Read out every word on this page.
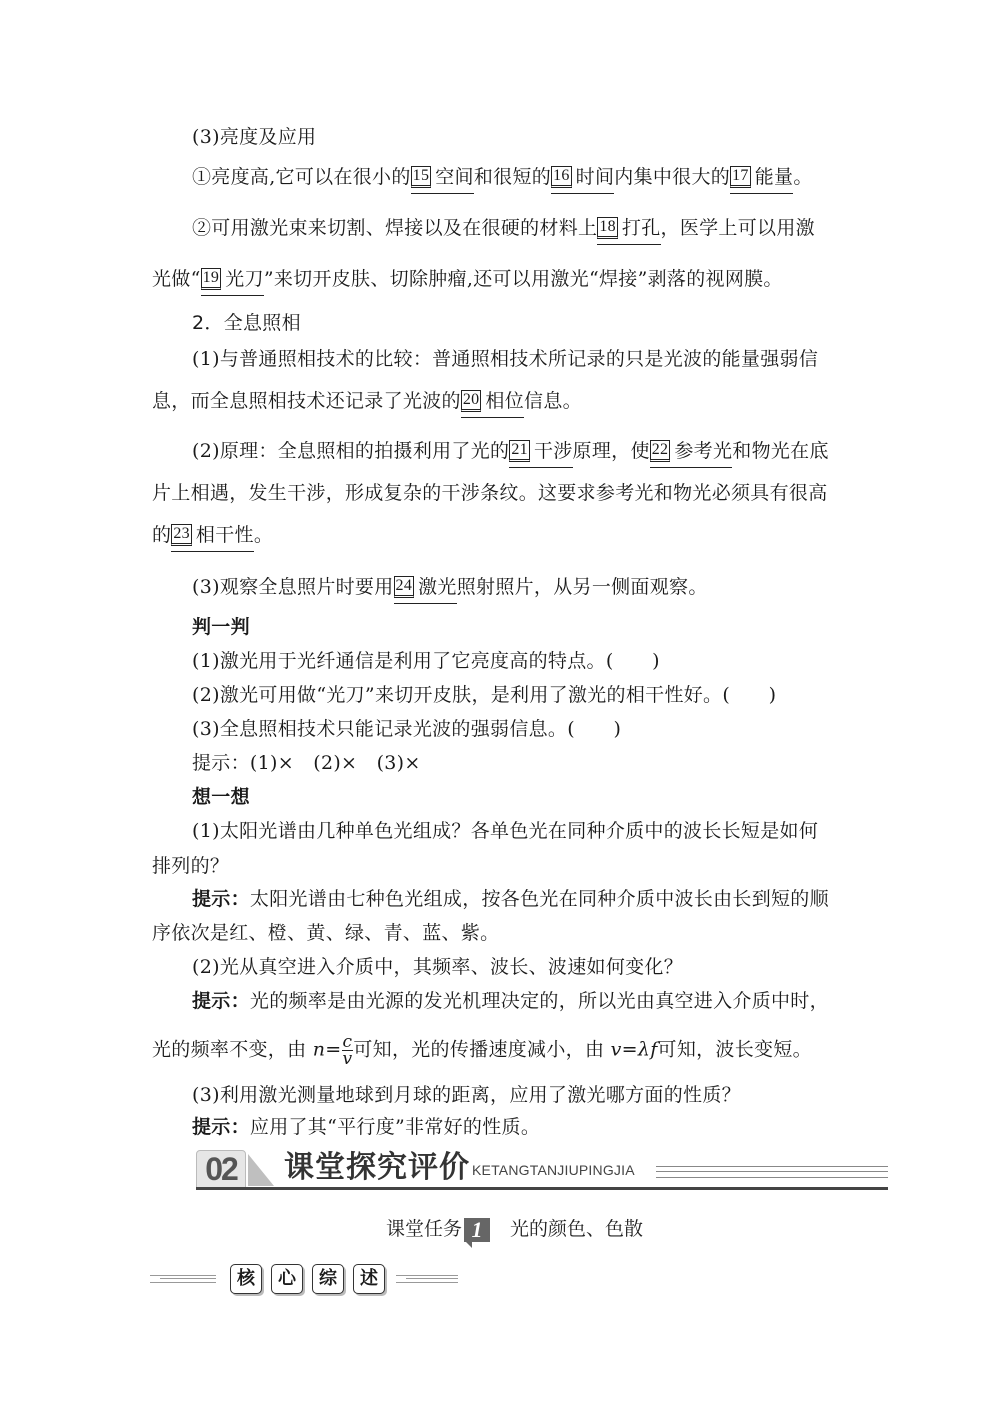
(3)亮度及应用
①亮度高,它可以在很小的 15 空间和很短的 16 时间内集中很大的 17 能量。
②可用激光束来切割、焊接以及在很硬的材料上 18 打孔，医学上可以用激
光做“ 19 光刀”来切开皮肤、切除肿瘤,还可以用激光“焊接”剥落的视网膜。
2．全息照相
(1)与普通照相技术的比较：普通照相技术所记录的只是光波的能量强弱信
息，而全息照相技术还记录了光波的 20 相位信息。
(2)原理：全息照相的拍摄利用了光的 21 干涉原理，使 22 参考光和物光在底
片上相遇，发生干涉，形成复杂的干涉条纹。这要求参考光和物光必须具有很高
的 23 相干性。
(3)观察全息照片时要用 24 激光照射照片，从另一侧面观察。
判一判
(1)激光用于光纤通信是利用了它亮度高的特点。(　　)
(2)激光可用做“光刀”来切开皮肤，是利用了激光的相干性好。(　　)
(3)全息照相技术只能记录光波的强弱信息。(　　)
提示：(1)×　(2)×　(3)×
想一想
(1)太阳光谱由几种单色光组成？各单色光在同种介质中的波长长短是如何
排列的？
提示：太阳光谱由七种色光组成，按各色光在同种介质中波长由长到短的顺
序依次是红、橙、黄、绿、青、蓝、紫。
(2)光从真空进入介质中，其频率、波长、波速如何变化？
提示：光的频率是由光源的发光机理决定的，所以光由真空进入介质中时，
光的频率不变，由 $n= \frac{c}{v}$ 可知，光的传播速度减小，由 v=λf可知，波长变短。
(3)利用激光测量地球到月球的距离，应用了激光哪方面的性质？
提示：应用了其“平行度”非常好的性质。
02	课堂探究评价 KETANGTANJIUPINGJIA
课堂任务 1 光的颜色、色散
核	心	综	述
